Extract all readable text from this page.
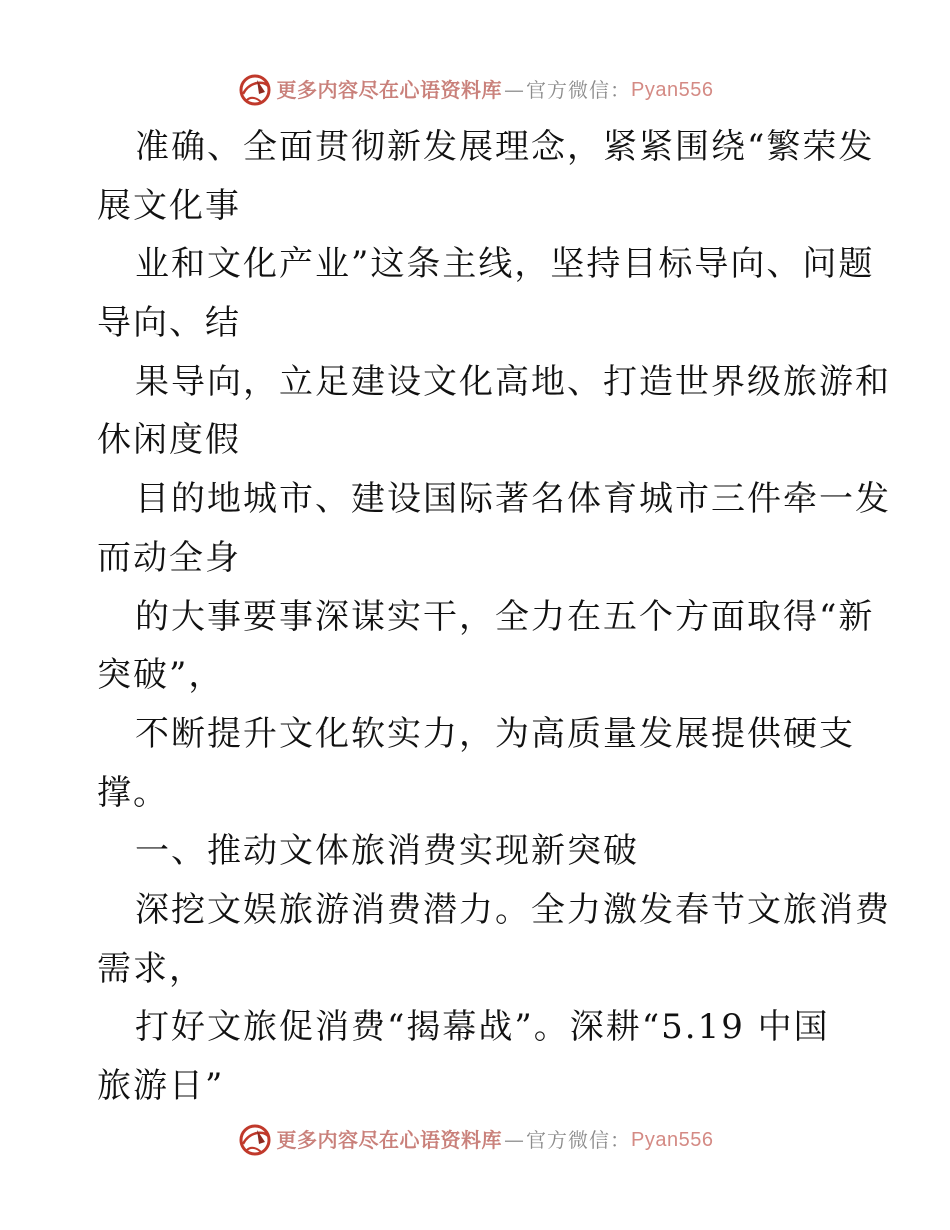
更多内容尽在心语资料库 — 官方微信： Pyan556
准确、全面贯彻新发展理念，紧紧围绕“繁荣发
展文化事
业和文化产业”这条主线，坚持目标导向、问题
导向、结
果导向，立足建设文化高地、打造世界级旅游和
休闲度假
目的地城市、建设国际著名体育城市三件牵一发
而动全身
的大事要事深谋实干，全力在五个方面取得“新
突破”，
不断提升文化软实力，为高质量发展提供硬支
撑。
一、推动文体旅消费实现新突破
深挖文娱旅游消费潜力。全力激发春节文旅消费
需求，
打好文旅促消费“揭幕战”。深耕“5.19 中国
旅游日”
更多内容尽在心语资料库 — 官方微信： Pyan556
